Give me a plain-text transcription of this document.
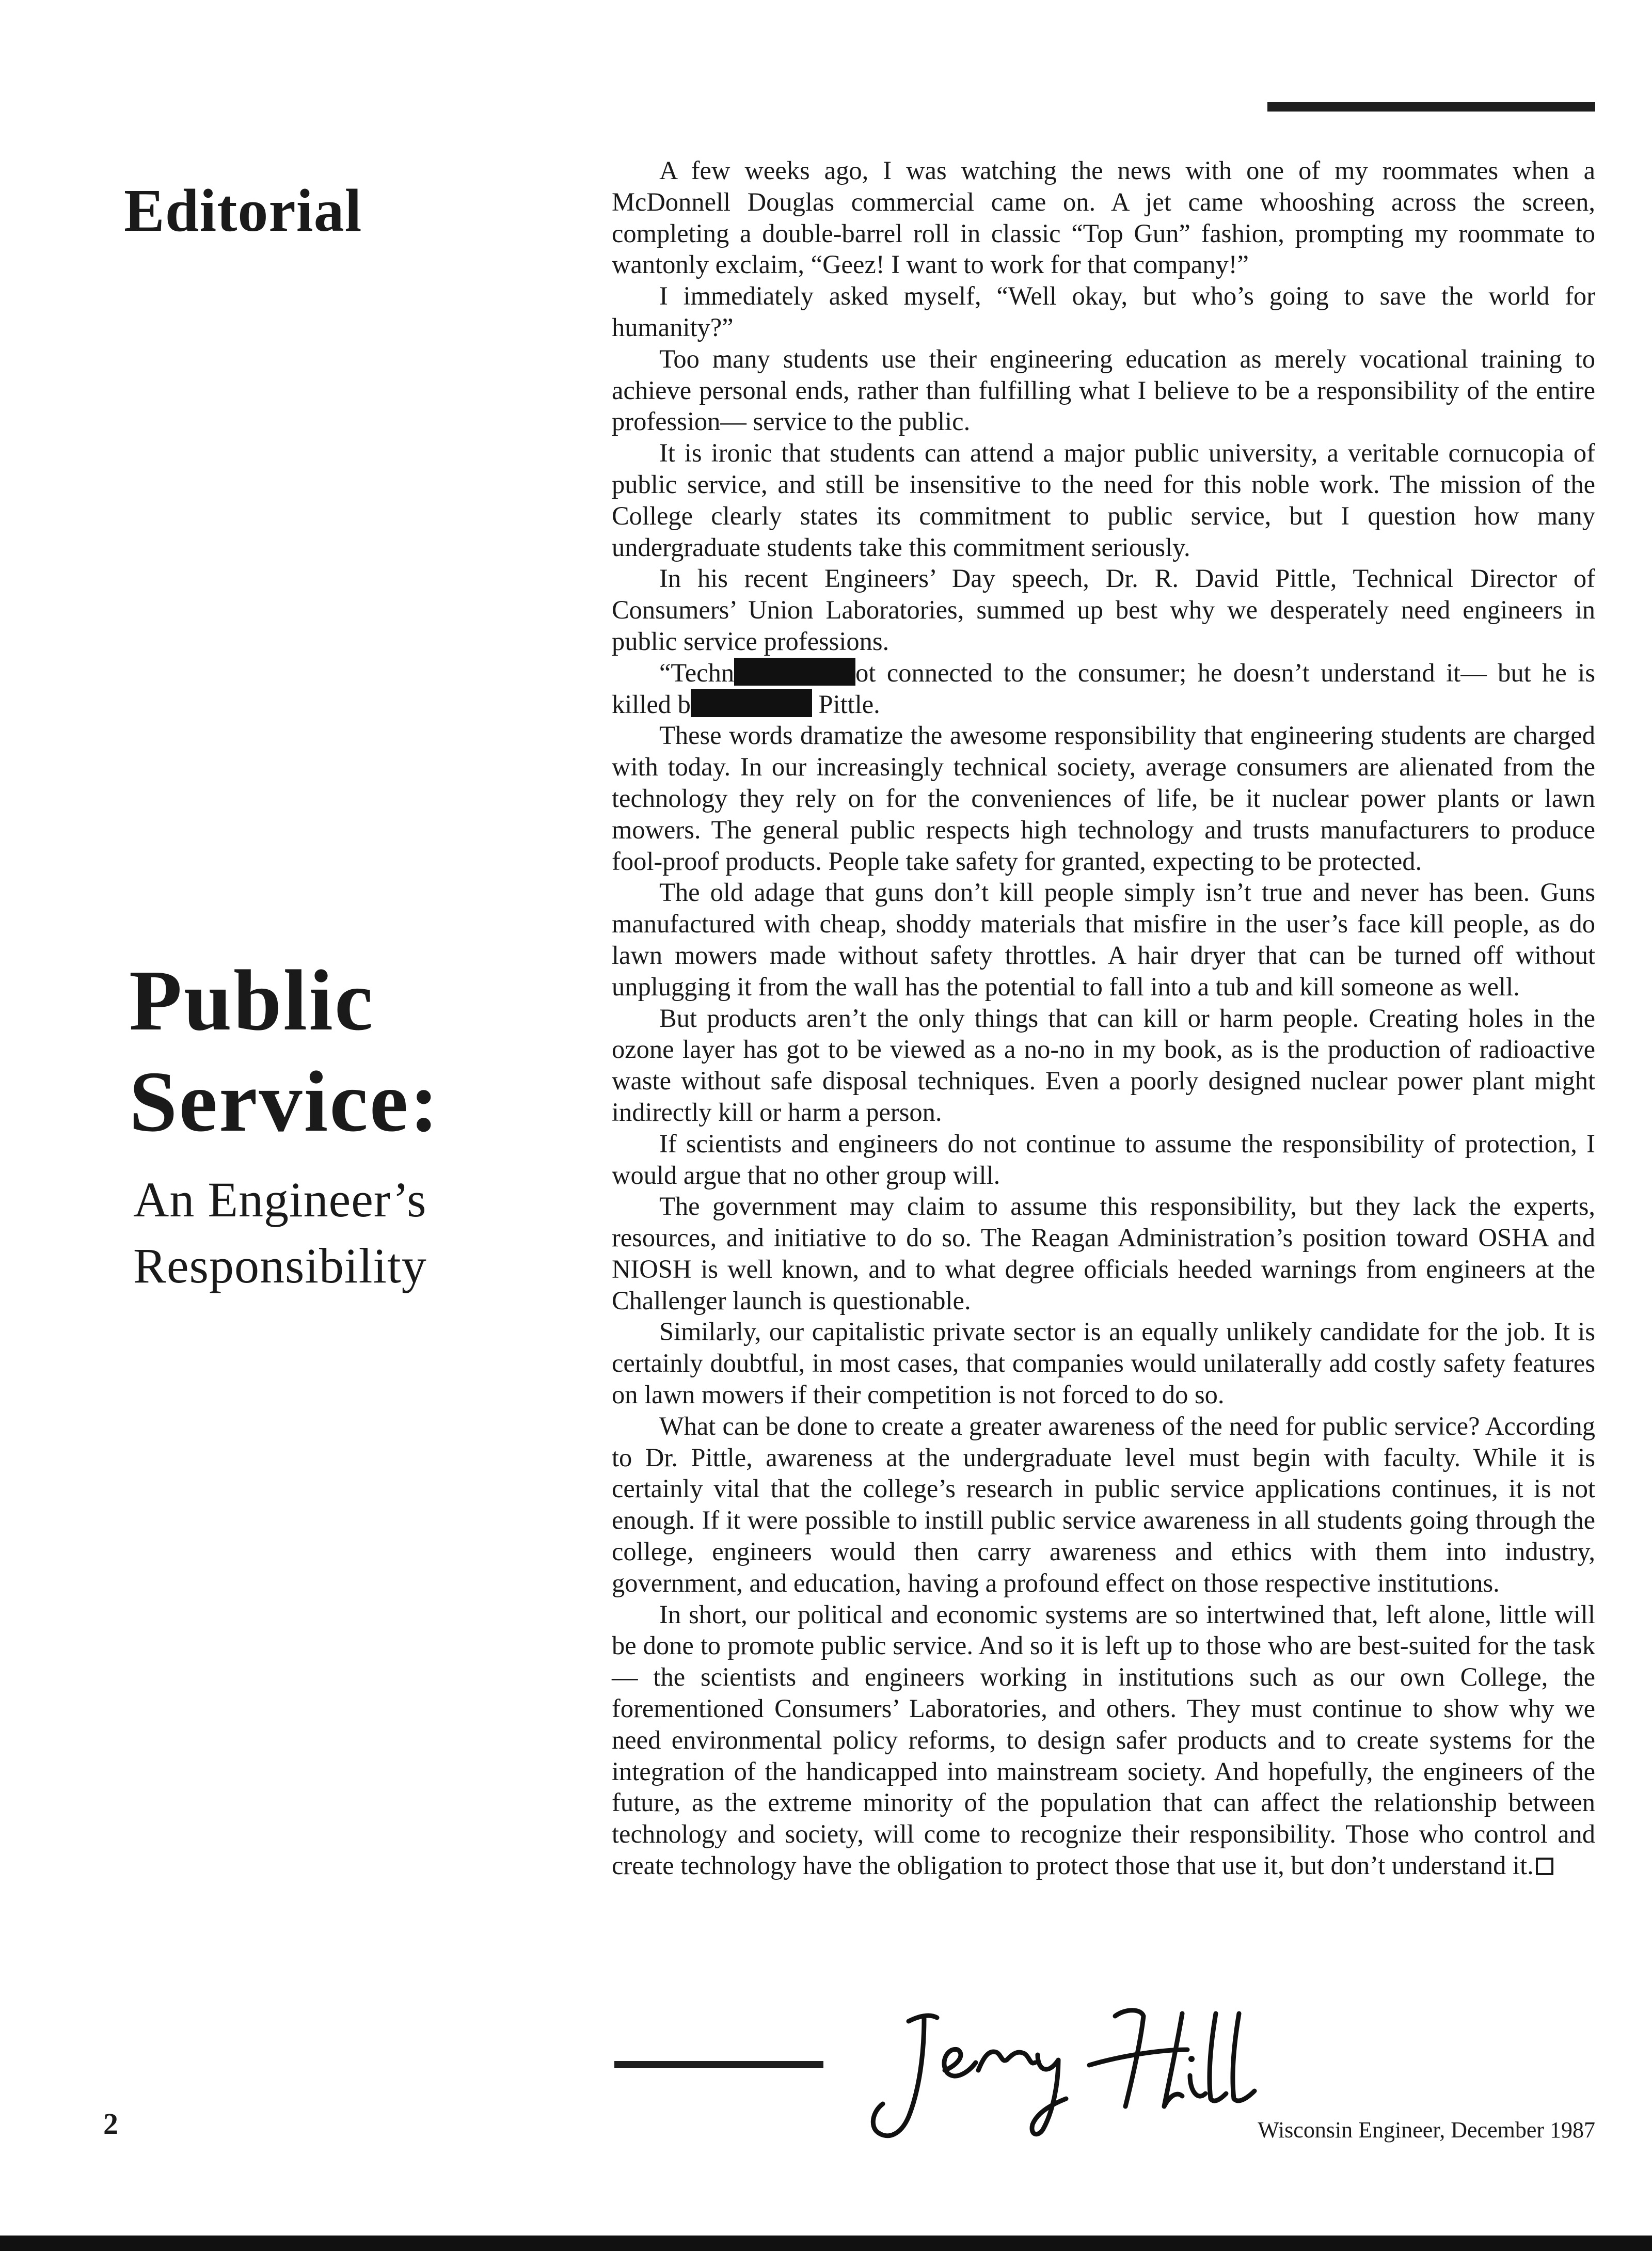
Editorial
Public
Service:
An Engineer’s
Responsibility

A few weeks ago, I was watching the news with one of my roommates when a McDonnell Douglas commercial came on. A jet came whooshing across the screen, completing a double-barrel roll in classic “Top Gun” fashion, prompting my roommate to wantonly exclaim, “Geez! I want to work for that company!”

I immediately asked myself, “Well okay, but who’s going to save the world for humanity?”

Too many students use their engineering education as merely vocational training to achieve personal ends, rather than fulfilling what I believe to be a responsibility of the entire profession— service to the public.

It is ironic that students can attend a major public university, a veritable cornucopia of public service, and still be insensitive to the need for this noble work. The mission of the College clearly states its commitment to public service, but I question how many undergraduate students take this commitment seriously.

In his recent Engineers’ Day speech, Dr. R. David Pittle, Technical Director of Consumers’ Union Laboratories, summed up best why we desperately need engineers in public service professions.

“Techn	ot connected to the consumer; he doesn’t understand it— but he is killed b	Pittle.

These words dramatize the awesome responsibility that engineering students are charged with today. In our increasingly technical society, average consumers are alienated from the technology they rely on for the conveniences of life, be it nuclear power plants or lawn mowers. The general public respects high technology and trusts manufacturers to produce fool-proof products. People take safety for granted, expecting to be protected.

The old adage that guns don’t kill people simply isn’t true and never has been. Guns manufactured with cheap, shoddy materials that misfire in the user’s face kill people, as do lawn mowers made without safety throttles. A hair dryer that can be turned off without unplugging it from the wall has the potential to fall into a tub and kill someone as well.

But products aren’t the only things that can kill or harm people. Creating holes in the ozone layer has got to be viewed as a no-no in my book, as is the production of radioactive waste without safe disposal techniques. Even a poorly designed nuclear power plant might indirectly kill or harm a person.

If scientists and engineers do not continue to assume the responsibility of protection, I would argue that no other group will.

The government may claim to assume this responsibility, but they lack the experts, resources, and initiative to do so. The Reagan Administration’s position toward OSHA and NIOSH is well known, and to what degree officials heeded warnings from engineers at the Challenger launch is questionable.

Similarly, our capitalistic private sector is an equally unlikely candidate for the job. It is certainly doubtful, in most cases, that companies would unilaterally add costly safety features on lawn mowers if their competition is not forced to do so.

What can be done to create a greater awareness of the need for public service? According to Dr. Pittle, awareness at the undergraduate level must begin with faculty. While it is certainly vital that the college’s research in public service applications continues, it is not enough. If it were possible to instill public service awareness in all students going through the college, engineers would then carry awareness and ethics with them into industry, government, and education, having a profound effect on those respective institutions.

In short, our political and economic systems are so intertwined that, left alone, little will be done to promote public service. And so it is left up to those who are best-suited for the task— the scientists and engineers working in institutions such as our own College, the forementioned Consumers’ Laboratories, and others. They must continue to show why we need environmental policy reforms, to design safer products and to create systems for the integration of the handicapped into mainstream society. And hopefully, the engineers of the future, as the extreme minority of the population that can affect the relationship between technology and society, will come to recognize their responsibility. Those who control and create technology have the obligation to protect those that use it, but don’t understand it.

2	Wisconsin Engineer, December 1987
